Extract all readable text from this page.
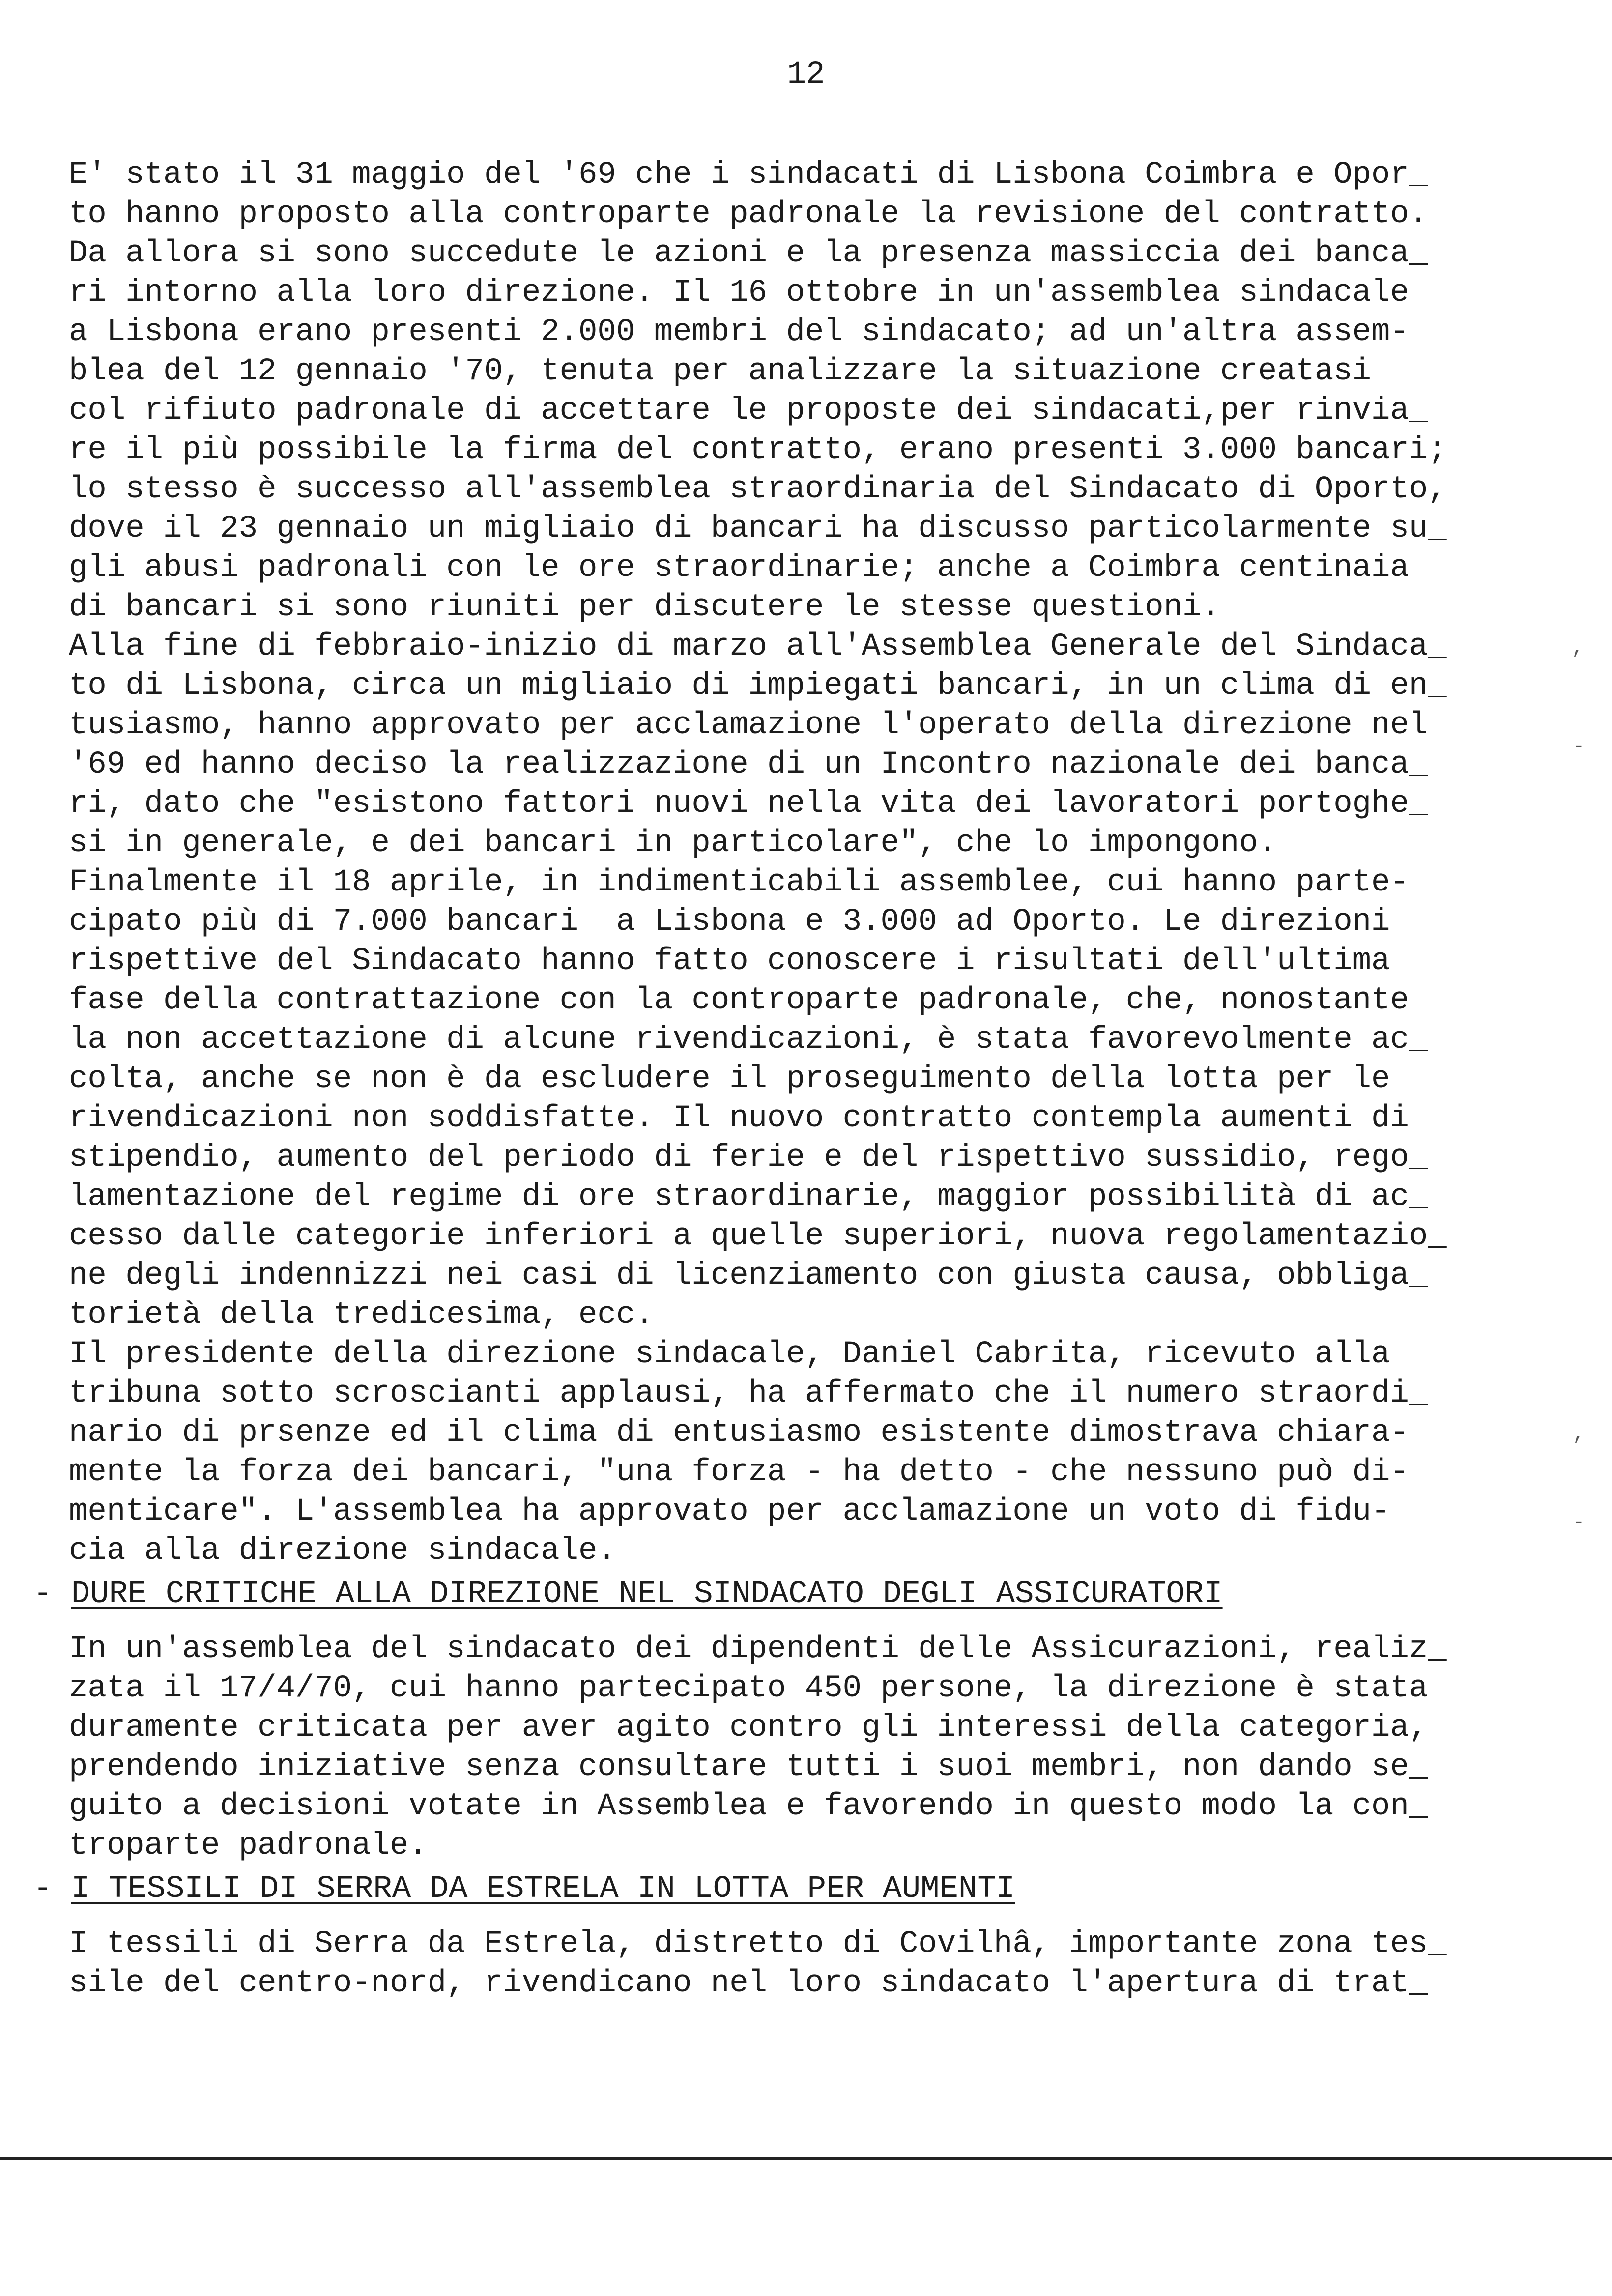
12
E' stato il 31 maggio del '69 che i sindacati di Lisbona Coimbra e Opor_
to hanno proposto alla controparte padronale la revisione del contratto.
Da allora si sono succedute le azioni e la presenza massiccia dei banca_
ri intorno alla loro direzione. Il 16 ottobre in un'assemblea sindacale
a Lisbona erano presenti 2.000 membri del sindacato; ad un'altra assem-
blea del 12 gennaio '70, tenuta per analizzare la situazione creatasi
col rifiuto padronale di accettare le proposte dei sindacati,per rinvia_
re il più possibile la firma del contratto, erano presenti 3.000 bancari;
lo stesso è successo all'assemblea straordinaria del Sindacato di Oporto,
dove il 23 gennaio un migliaio di bancari ha discusso particolarmente su_
gli abusi padronali con le ore straordinarie; anche a Coimbra centinaia
di bancari si sono riuniti per discutere le stesse questioni.
Alla fine di febbraio-inizio di marzo all'Assemblea Generale del Sindaca_
to di Lisbona, circa un migliaio di impiegati bancari, in un clima di en_
tusiasmo, hanno approvato per acclamazione l'operato della direzione nel
'69 ed hanno deciso la realizzazione di un Incontro nazionale dei banca_
ri, dato che "esistono fattori nuovi nella vita dei lavoratori portoghe_
si in generale, e dei bancari in particolare", che lo impongono.
Finalmente il 18 aprile, in indimenticabili assemblee, cui hanno parte-
cipato più di 7.000 bancari  a Lisbona e 3.000 ad Oporto. Le direzioni
rispettive del Sindacato hanno fatto conoscere i risultati dell'ultima
fase della contrattazione con la controparte padronale, che, nonostante
la non accettazione di alcune rivendicazioni, è stata favorevolmente ac_
colta, anche se non è da escludere il proseguimento della lotta per le
rivendicazioni non soddisfatte. Il nuovo contratto contempla aumenti di
stipendio, aumento del periodo di ferie e del rispettivo sussidio, rego_
lamentazione del regime di ore straordinarie, maggior possibilità di ac_
cesso dalle categorie inferiori a quelle superiori, nuova regolamentazio_
ne degli indennizzi nei casi di licenziamento con giusta causa, obbliga_
torietà della tredicesima, ecc.
Il presidente della direzione sindacale, Daniel Cabrita, ricevuto alla
tribuna sotto scroscianti applausi, ha affermato che il numero straordi_
nario di prsenze ed il clima di entusiasmo esistente dimostrava chiara-
mente la forza dei bancari, "una forza - ha detto - che nessuno può di-
menticare". L'assemblea ha approvato per acclamazione un voto di fidu-
cia alla direzione sindacale.
- DURE CRITICHE ALLA DIREZIONE NEL SINDACATO DEGLI ASSICURATORI
In un'assemblea del sindacato dei dipendenti delle Assicurazioni, realiz_
zata il 17/4/70, cui hanno partecipato 450 persone, la direzione è stata
duramente criticata per aver agito contro gli interessi della categoria,
prendendo iniziative senza consultare tutti i suoi membri, non dando se_
guito a decisioni votate in Assemblea e favorendo in questo modo la con_
troparte padronale.
- I TESSILI DI SERRA DA ESTRELA IN LOTTA PER AUMENTI
I tessili di Serra da Estrela, distretto di Covilhâ, importante zona tes_
sile del centro-nord, rivendicano nel loro sindacato l'apertura di trat_
,
-
,
-
